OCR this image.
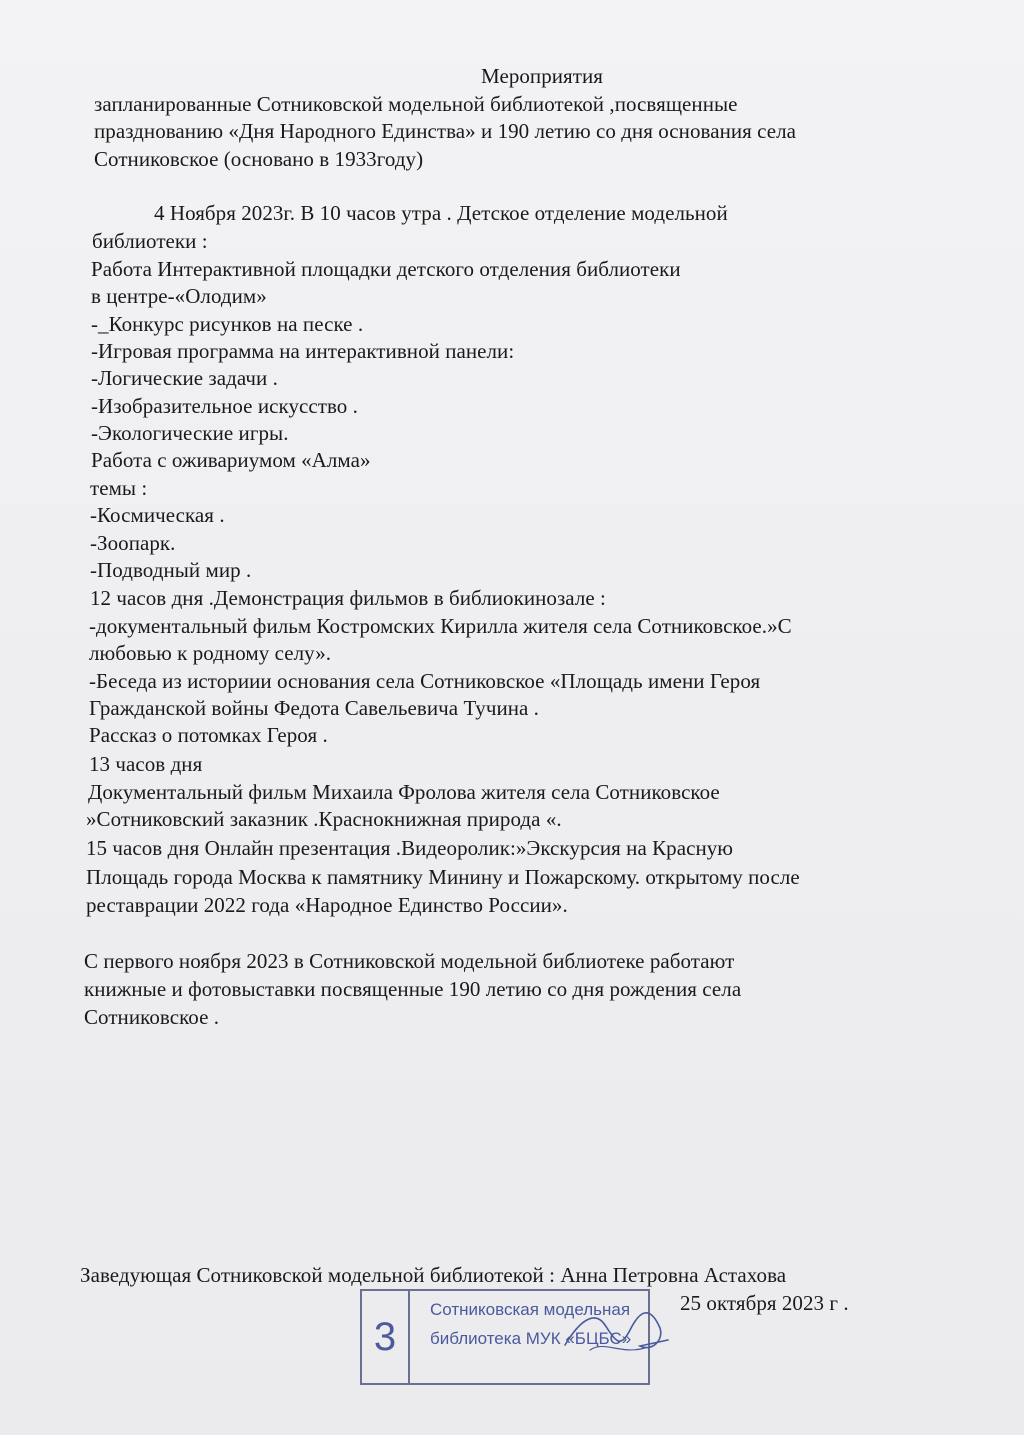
Мероприятия
запланированные Сотниковской модельной библиотекой ,посвященные
празднованию «Дня Народного Единства» и 190 летию со дня основания села
Сотниковское (основано в 1933году)
4 Ноября 2023г. В 10 часов утра . Детское отделение модельной
библиотеки :
Работа Интерактивной площадки детского отделения библиотеки
в центре-«Олодим»
-_Конкурс рисунков на песке .
-Игровая программа на интерактивной панели:
-Логические задачи .
-Изобразительное искусство .
-Экологические игры.
Работа с оживариумом «Алма»
темы :
-Космическая .
-Зоопарк.
-Подводный мир .
12 часов дня .Демонстрация фильмов в библиокинозале :
-документальный фильм Костромских Кирилла жителя села Сотниковское.»С
любовью к родному селу».
-Беседа из историии основания села Сотниковское «Площадь имени Героя
Гражданской войны Федота Савельевича Тучина .
Рассказ о потомках Героя .
13 часов дня
Документальный фильм Михаила Фролова жителя села Сотниковское
»Сотниковский заказник .Краснокнижная природа «.
15 часов дня Онлайн презентация .Видеоролик:»Экскурсия на Красную
Площадь города Москва к памятнику Минину и Пожарскому. открытому после
реставрации 2022 года «Народное Единство России».
С первого ноября 2023 в Сотниковской модельной библиотеке работают
книжные и фотовыставки посвященные 190 летию со дня рождения села
Сотниковское .
Заведующая Сотниковской модельной библиотекой : Анна Петровна Астахова
25 октября 2023 г .
3
Сотниковская модельная
библиотека МУК «БЦБС»
